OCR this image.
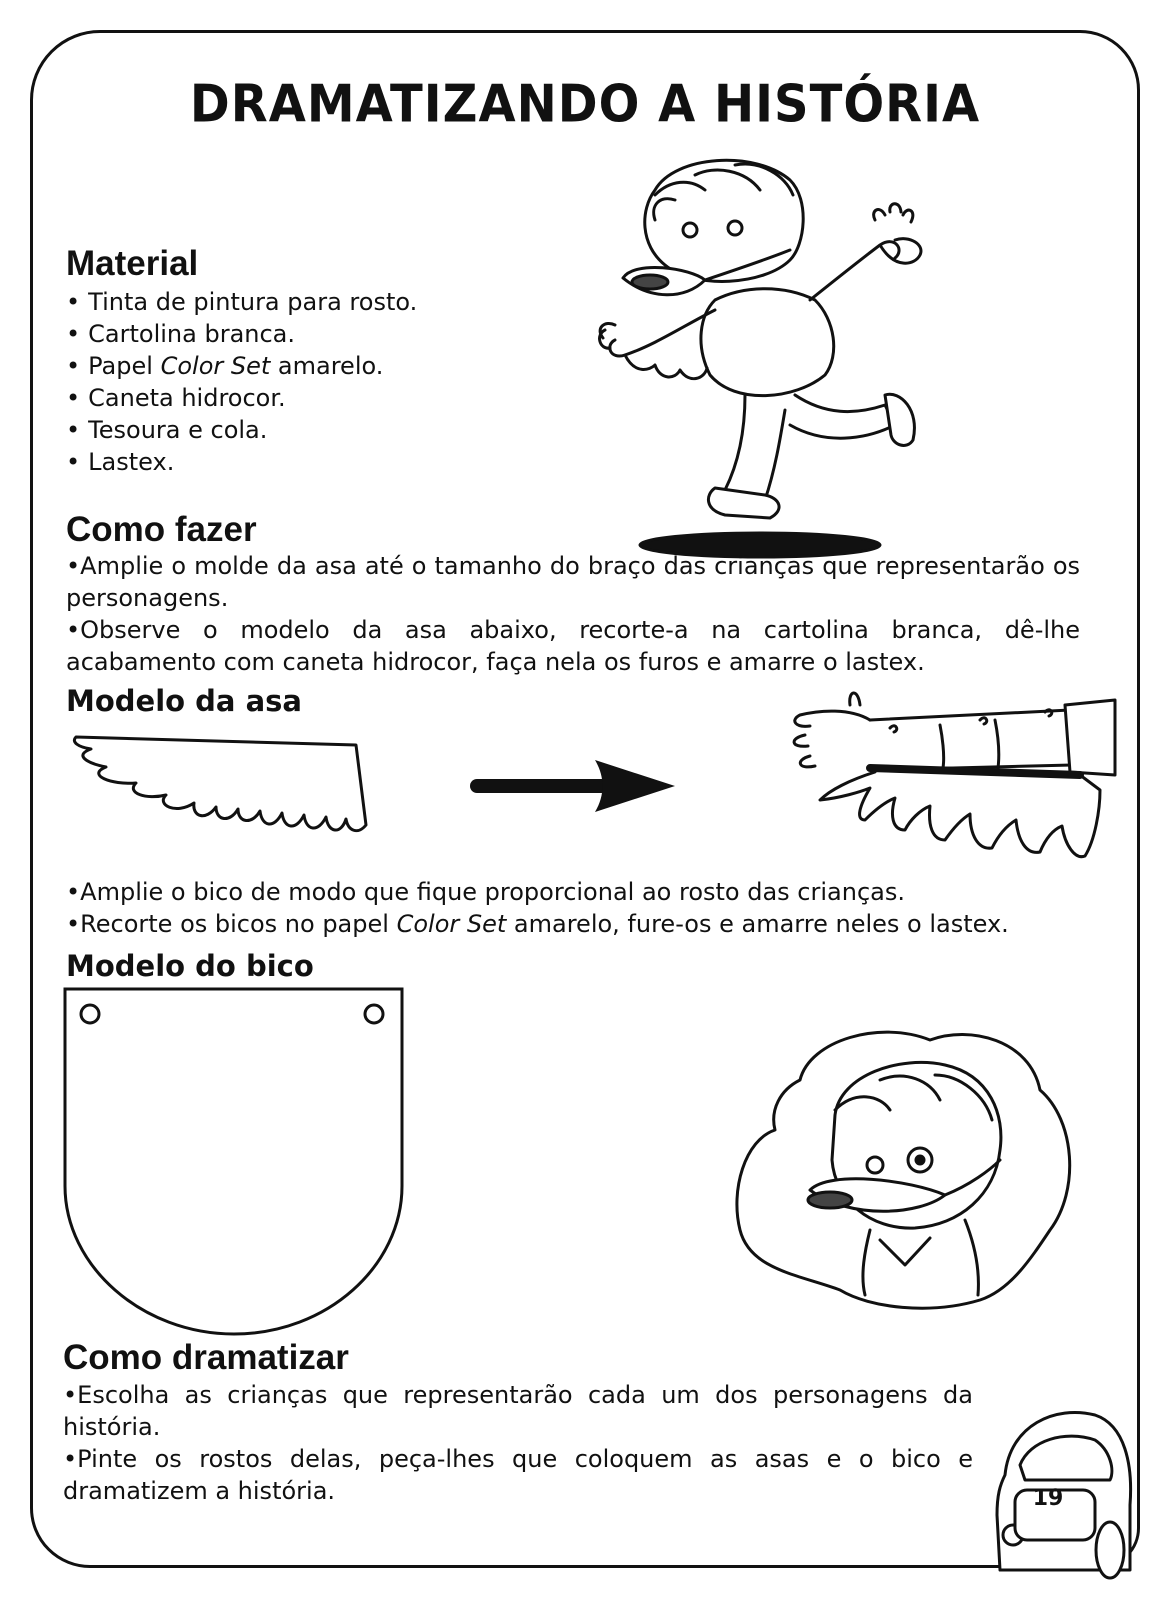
DRAMATIZANDO A HISTÓRIA
Material
• Tinta de pintura para rosto.
• Cartolina branca.
• Papel Color Set amarelo.
• Caneta hidrocor.
• Tesoura e cola.
• Lastex.
Como fazer

• Amplie o molde da asa até o tamanho do braço das crianças que representarão os personagens.

• Observe o modelo da asa abaixo, recorte-a na cartolina branca, dê-lhe acabamento com caneta hidrocor, faça nela os furos e amarre o lastex.

Modelo da asa

• Amplie o bico de modo que fique proporcional ao rosto das crianças.

• Recorte os bicos no papel Color Set amarelo, fure-os e amarre neles o lastex.

Modelo do bico
Como dramatizar

• Escolha as crianças que representarão cada um dos personagens da história.

• Pinte os rostos delas, peça-lhes que coloquem as asas e o bico e dramatizem a história.	19
